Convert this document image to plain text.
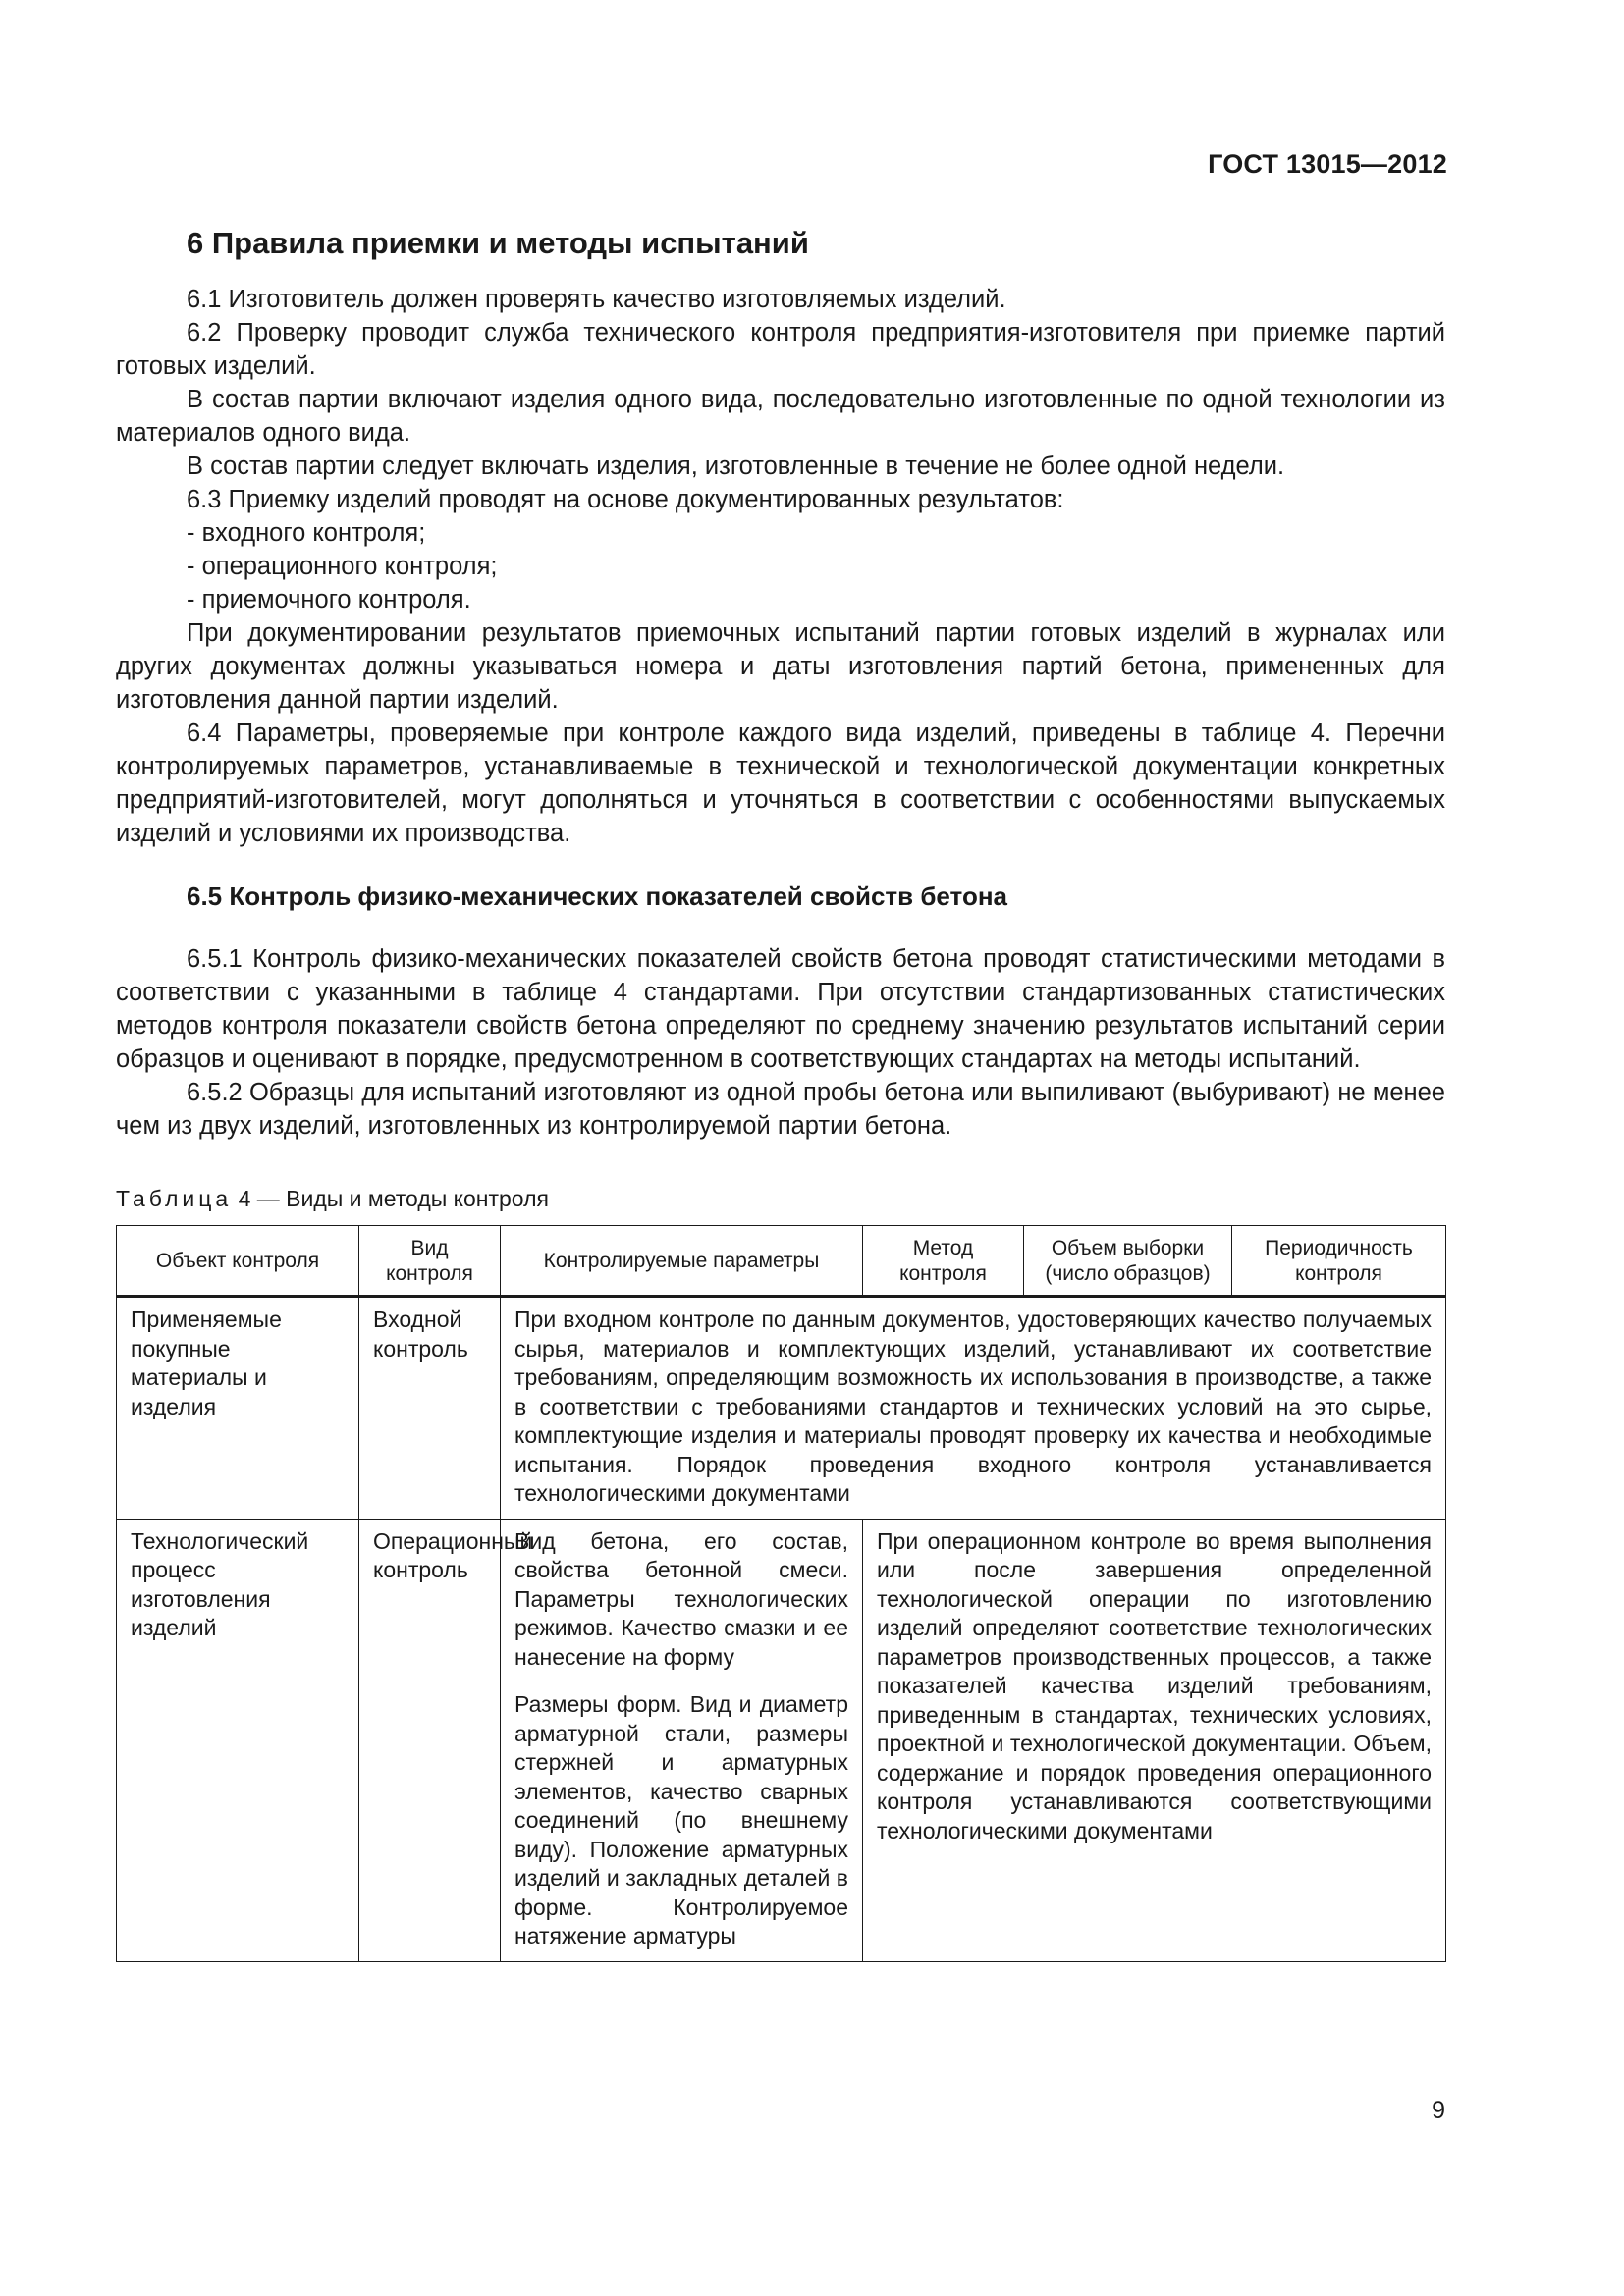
ГОСТ 13015—2012
6 Правила приемки и методы испытаний

6.1 Изготовитель должен проверять качество изготовляемых изделий.

6.2 Проверку проводит служба технического контроля предприятия-изготовителя при приемке партий готовых изделий.

В состав партии включают изделия одного вида, последовательно изготовленные по одной технологии из материалов одного вида.

В состав партии следует включать изделия, изготовленные в течение не более одной недели.

6.3 Приемку изделий проводят на основе документированных результатов:

- входного контроля;

- операционного контроля;

- приемочного контроля.

При документировании результатов приемочных испытаний партии готовых изделий в журналах или других документах должны указываться номера и даты изготовления партий бетона, примененных для изготовления данной партии изделий.

6.4 Параметры, проверяемые при контроле каждого вида изделий, приведены в таблице 4. Перечни контролируемых параметров, устанавливаемые в технической и технологической документации конкретных предприятий-изготовителей, могут дополняться и уточняться в соответствии с особенностями выпускаемых изделий и условиями их производства.

6.5 Контроль физико-механических показателей свойств бетона

6.5.1 Контроль физико-механических показателей свойств бетона проводят статистическими методами в соответствии с указанными в таблице 4 стандартами. При отсутствии стандартизованных статистических методов контроля показатели свойств бетона определяют по среднему значению результатов испытаний серии образцов и оценивают в порядке, предусмотренном в соответствующих стандартах на методы испытаний.

6.5.2 Образцы для испытаний изготовляют из одной пробы бетона или выпиливают (выбуривают) не менее чем из двух изделий, изготовленных из контролируемой партии бетона.

Таблица 4 — Виды и методы контроля
Объект контроля	Вид контроля	Контролируемые параметры	Метод контроля	Объем выборки (число образцов)	Периодичность контроля
Применяемые покупные материалы и изделия	Входной контроль	При входном контроле по данным документов, удостоверяющих качество получаемых сырья, материалов и комплектующих изделий, устанавливают их соответствие требованиям, определяющим возможность их использования в производстве, а также в соответствии с требованиями стандартов и технических условий на это сырье, комплектующие изделия и материалы проводят проверку их качества и необходимые испытания. Порядок проведения входного контроля устанавливается технологическими документами			
Технологический процесс изготовления изделий	Операционный контроль	Вид бетона, его состав, свойства бетонной смеси. Параметры технологических режимов. Качество смазки и ее нанесение на форму	При операционном контроле во время выполнения или после завершения определенной технологической операции по изготовлению изделий определяют соответствие технологических параметров производственных процессов, а также показателей качества изделий требованиям, приведенным в стандартах, технических условиях, проектной и технологической документации. Объем, содержание и порядок проведения операционного контроля устанавливаются соответствующими технологическими документами		
		Размеры форм. Вид и диаметр арматурной стали, размеры стержней и арматурных элементов, качество сварных соединений (по внешнему виду). Положение арматурных изделий и закладных деталей в форме. Контролируемое натяжение арматуры			
9
